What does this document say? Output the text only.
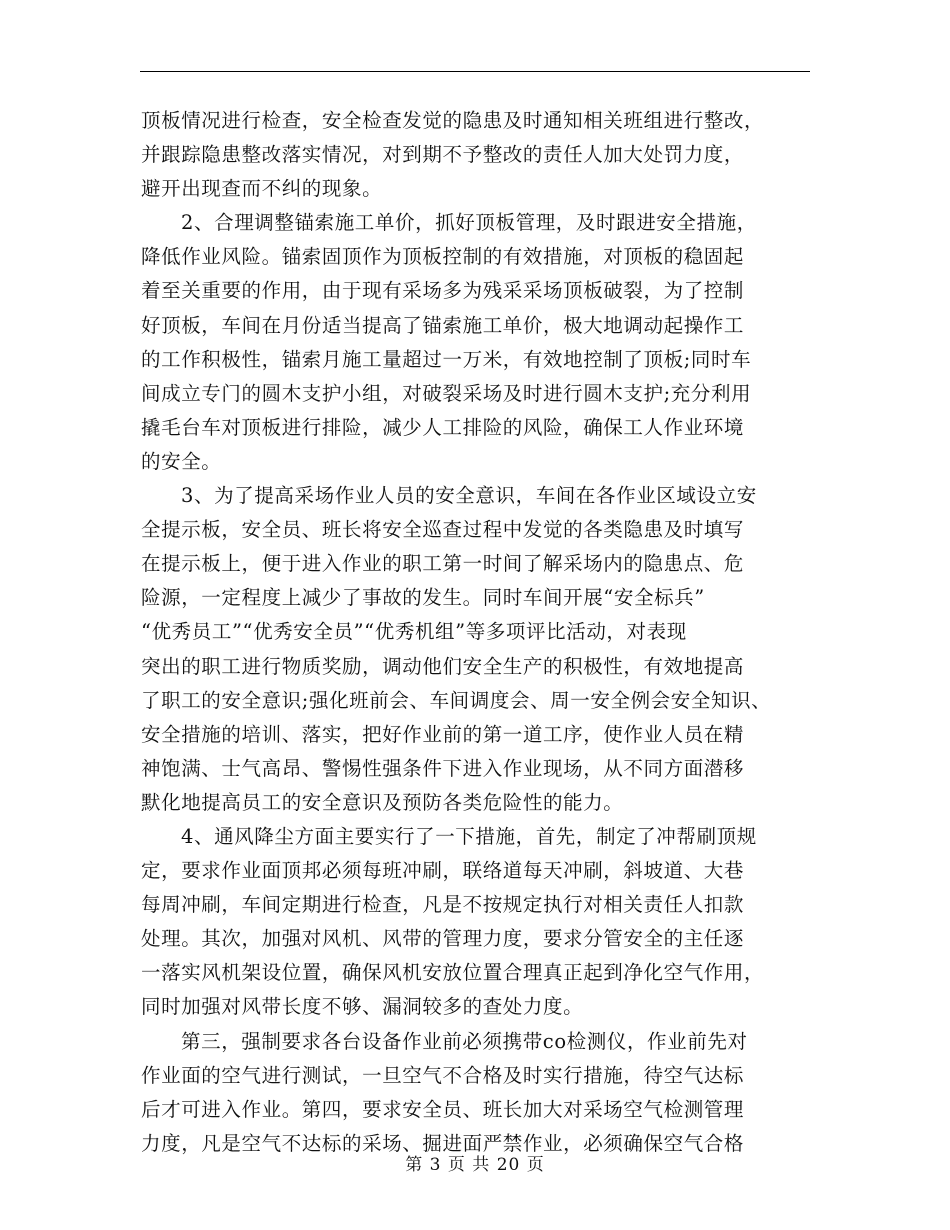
顶板情况进行检查，安全检查发觉的隐患及时通知相关班组进行整改，
并跟踪隐患整改落实情况，对到期不予整改的责任人加大处罚力度，
避开出现查而不纠的现象。
2、合理调整锚索施工单价，抓好顶板管理，及时跟进安全措施，
降低作业风险。锚索固顶作为顶板控制的有效措施，对顶板的稳固起
着至关重要的作用，由于现有采场多为残采采场顶板破裂，为了控制
好顶板，车间在月份适当提高了锚索施工单价，极大地调动起操作工
的工作积极性，锚索月施工量超过一万米，有效地控制了顶板;同时车
间成立专门的圆木支护小组，对破裂采场及时进行圆木支护;充分利用
撬毛台车对顶板进行排险，减少人工排险的风险，确保工人作业环境
的安全。
3、为了提高采场作业人员的安全意识，车间在各作业区域设立安
全提示板，安全员、班长将安全巡查过程中发觉的各类隐患及时填写
在提示板上，便于进入作业的职工第一时间了解采场内的隐患点、危
险源，一定程度上减少了事故的发生。同时车间开展“安全标兵”
“优秀员工”“优秀安全员”“优秀机组”等多项评比活动，对表现
突出的职工进行物质奖励，调动他们安全生产的积极性，有效地提高
了职工的安全意识;强化班前会、车间调度会、周一安全例会安全知识、
安全措施的培训、落实，把好作业前的第一道工序，使作业人员在精
神饱满、士气高昂、警惕性强条件下进入作业现场，从不同方面潜移
默化地提高员工的安全意识及预防各类危险性的能力。
4、通风降尘方面主要实行了一下措施，首先，制定了冲帮刷顶规
定，要求作业面顶邦必须每班冲刷，联络道每天冲刷，斜坡道、大巷
每周冲刷，车间定期进行检查，凡是不按规定执行对相关责任人扣款
处理。其次，加强对风机、风带的管理力度，要求分管安全的主任逐
一落实风机架设位置，确保风机安放位置合理真正起到净化空气作用，
同时加强对风带长度不够、漏洞较多的查处力度。
第三，强制要求各台设备作业前必须携带co检测仪，作业前先对
作业面的空气进行测试，一旦空气不合格及时实行措施，待空气达标
后才可进入作业。第四，要求安全员、班长加大对采场空气检测管理
力度，凡是空气不达标的采场、掘进面严禁作业，必须确保空气合格
第 3 页 共 20 页
